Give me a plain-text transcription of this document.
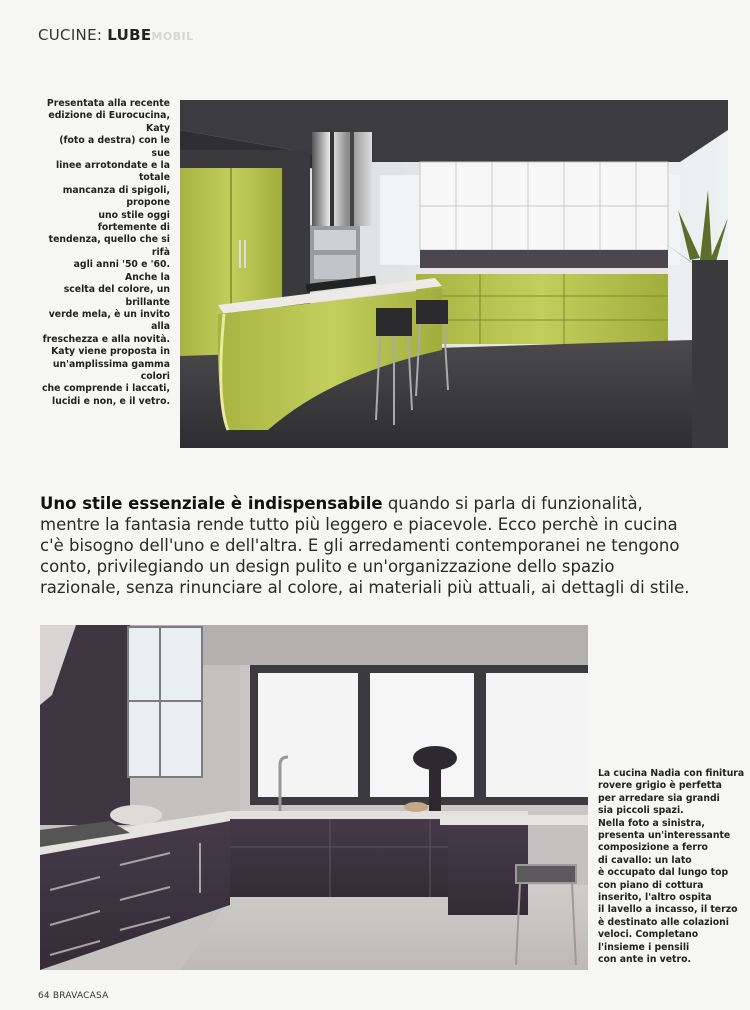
CUCINE: LUBEMOBIL
Presentata alla recente
edizione di Eurocucina, Katy
(foto a destra) con le sue
linee arrotondate e la totale
mancanza di spigoli, propone
uno stile oggi fortemente di
tendenza, quello che si rifà
agli anni '50 e '60. Anche la
scelta del colore, un brillante
verde mela, è un invito alla
freschezza e alla novità.
Katy viene proposta in
un'amplissima gamma colori
che comprende i laccati,
lucidi e non, e il vetro.

Uno stile essenziale è indispensabile quando si parla di funzionalità,

mentre la fantasia rende tutto più leggero e piacevole. Ecco perchè in cucina

c'è bisogno dell'uno e dell'altra. E gli arredamenti contemporanei ne tengono

conto, privilegiando un design pulito e un'organizzazione dello spazio

razionale, senza rinunciare al colore, ai materiali più attuali, ai dettagli di stile.

La cucina Nadia con finitura
rovere grigio è perfetta
per arredare sia grandi
sia piccoli spazi.
Nella foto a sinistra,
presenta un'interessante
composizione a ferro
di cavallo: un lato
è occupato dal lungo top
con piano di cottura
inserito, l'altro ospita
il lavello a incasso, il terzo
è destinato alle colazioni
veloci. Completano
l'insieme i pensili
con ante in vetro.
64 BRAVACASA
